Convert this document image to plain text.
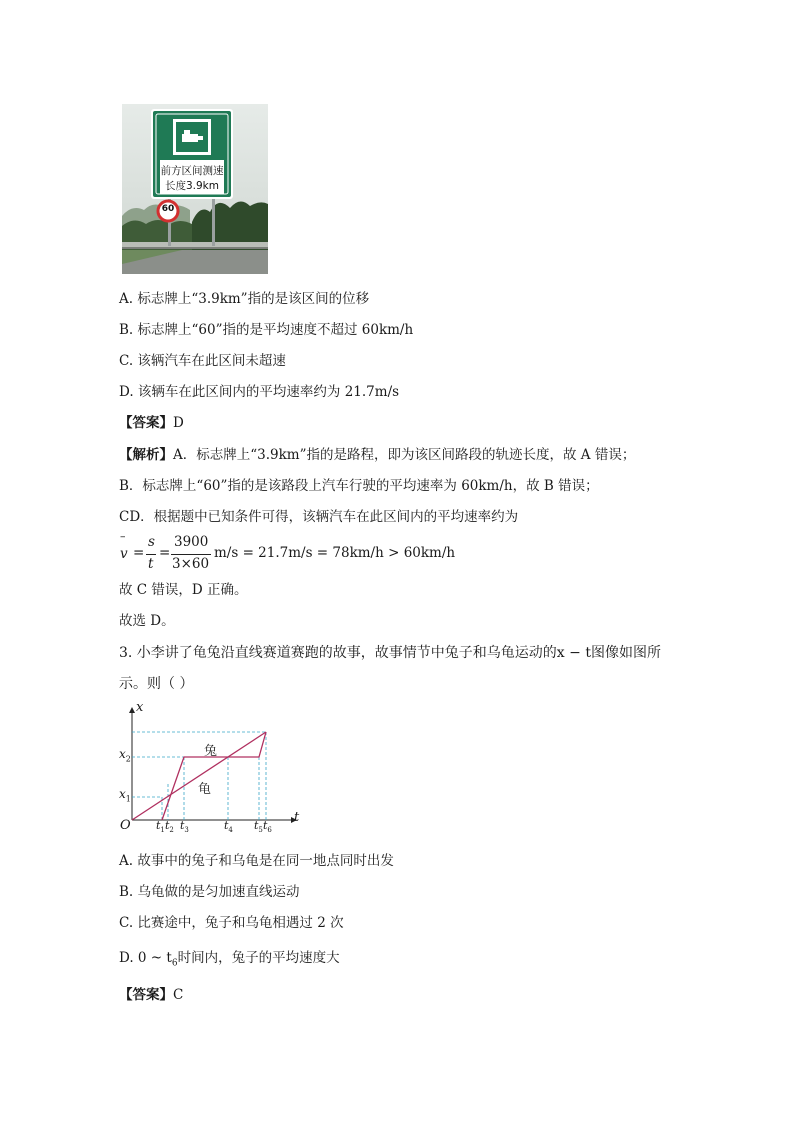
前方区间测速
长度3.9km
60
A. 标志牌上“3.9km”指的是该区间的位移
B. 标志牌上“60”指的是平均速度不超过 60km/h
C. 该辆汽车在此区间未超速
D. 该辆车在此区间内的平均速率约为 21.7m/s
【答案】D
【解析】A．标志牌上“3.9km”指的是路程，即为该区间路段的轨迹长度，故 A 错误；
B．标志牌上“60”指的是该路段上汽车行驶的平均速率为 60km/h，故 B 错误；
CD．根据题中已知条件可得，该辆汽车在此区间内的平均速率约为
–
v =
s
t
=
3900
3×60
m/s = 21.7m/s = 78km/h > 60km/h
故 C 错误，D 正确。
故选 D。
3. 小李讲了龟兔沿直线赛道赛跑的故事，故事情节中兔子和乌龟运动的x − t图像如图所
示。则（ ）
x
t
O
$x_2$
$x_1$
兔
龟
$t_1$ $t_2$ $t_3$	$t_4$ $t_5$ $t_6$
A. 故事中的兔子和乌龟是在同一地点同时出发
B. 乌龟做的是匀加速直线运动
C. 比赛途中，兔子和乌龟相遇过 2 次
D. 0 ~ $t_6$时间内，兔子的平均速度大
【答案】C
